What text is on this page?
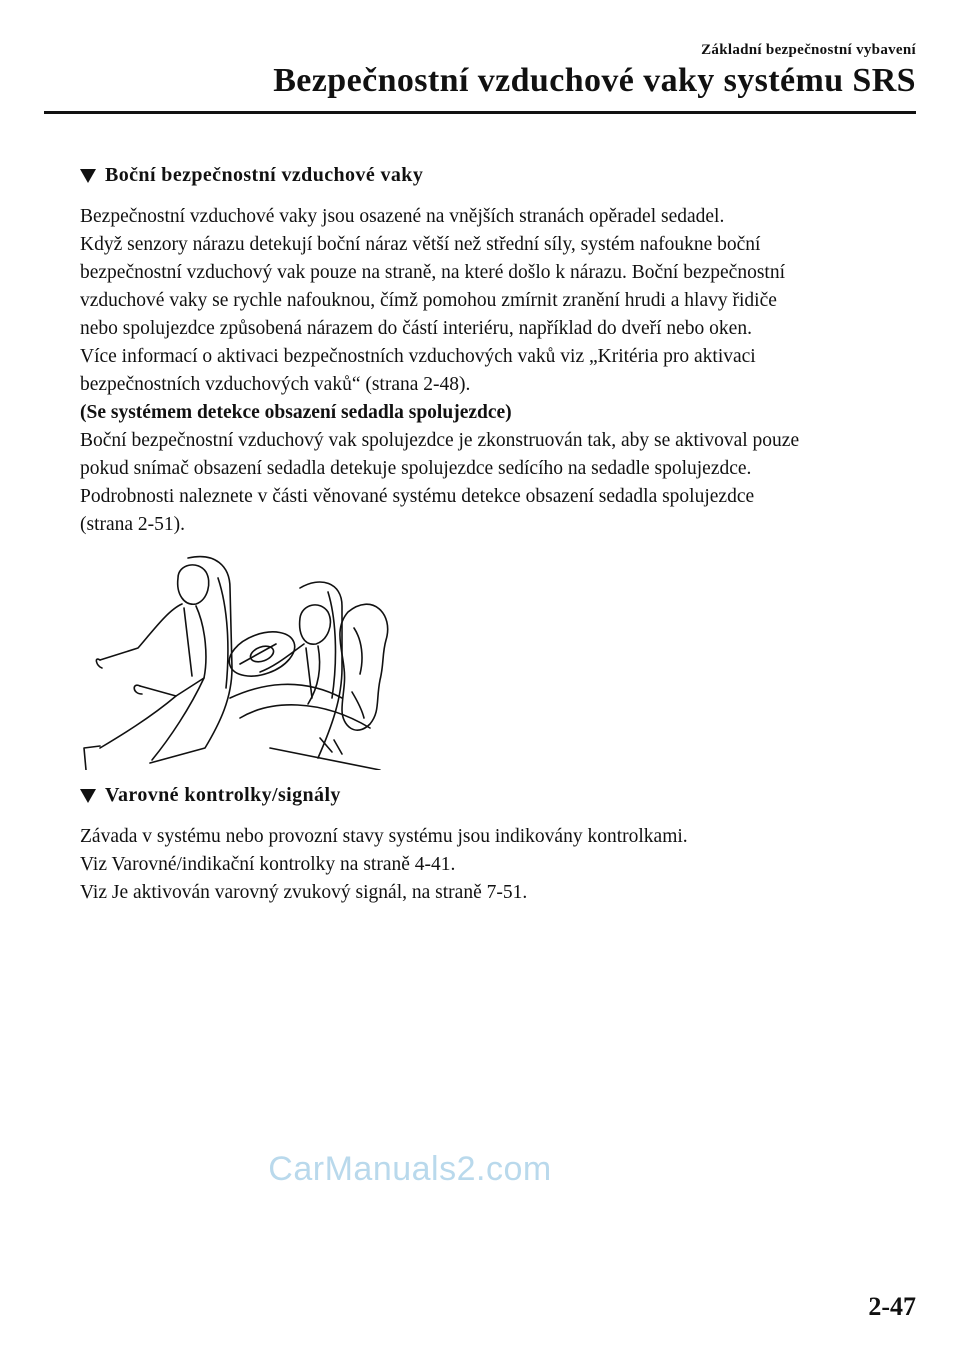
Základní bezpečnostní vybavení
Bezpečnostní vzduchové vaky systému SRS
Boční bezpečnostní vzduchové vaky
Bezpečnostní vzduchové vaky jsou osazené na vnějších stranách opěradel sedadel.
Když senzory nárazu detekují boční náraz větší než střední síly, systém nafoukne boční
bezpečnostní vzduchový vak pouze na straně, na které došlo k nárazu. Boční bezpečnostní
vzduchové vaky se rychle nafouknou, čímž pomohou zmírnit zranění hrudi a hlavy řidiče
nebo spolujezdce způsobená nárazem do částí interiéru, například do dveří nebo oken.
Více informací o aktivaci bezpečnostních vzduchových vaků viz „Kritéria pro aktivaci
bezpečnostních vzduchových vaků“ (strana 2-48).
(Se systémem detekce obsazení sedadla spolujezdce)
Boční bezpečnostní vzduchový vak spolujezdce je zkonstruován tak, aby se aktivoval pouze
pokud snímač obsazení sedadla detekuje spolujezdce sedícího na sedadle spolujezdce.
Podrobnosti naleznete v části věnované systému detekce obsazení sedadla spolujezdce
(strana 2-51).
Varovné kontrolky/signály
Závada v systému nebo provozní stavy systému jsou indikovány kontrolkami.
Viz Varovné/indikační kontrolky na straně 4-41.
Viz Je aktivován varovný zvukový signál, na straně 7-51.
CarManuals2.com
2-47
